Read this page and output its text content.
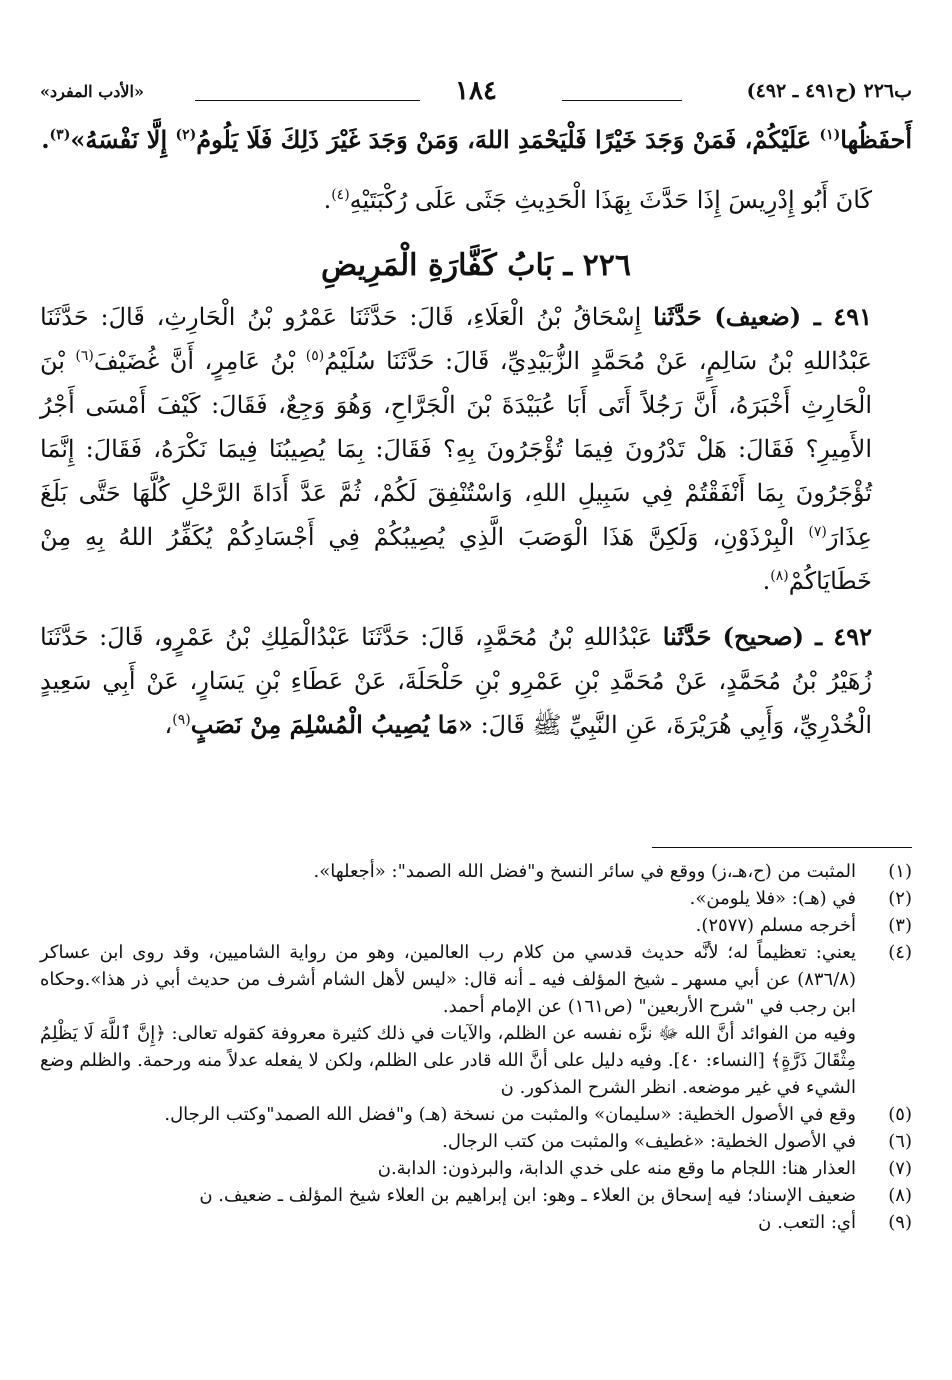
ب٢٢٦ (ح٤٩١ ـ ٤٩٢)
١٨٤
«الأدب المفرد»

أَحفَظُها$^{(١)}$ عَلَيْكُمْ، فَمَنْ وَجَدَ خَيْرًا فَلْيَحْمَدِ اللهَ، وَمَنْ وَجَدَ غَيْرَ ذَلِكَ فَلَا يَلُومُ$^{(٢)}$ إِلَّا نَفْسَهُ»$^{(٣)}$.

كَانَ أَبُو إِدْرِيسَ إِذَا حَدَّثَ بِهَذَا الْحَدِيثِ جَثَى عَلَى رُكْبَتَيْهِ$^{(٤)}$.

٢٢٦ ـ بَابُ كَفَّارَةِ الْمَرِيضِ

٤٩١ ـ (ضعيف) حَدَّثَنا إِسْحَاقُ بْنُ الْعَلَاءِ، قَالَ: حَدَّثَنَا عَمْرُو بْنُ الْحَارِثِ، قَالَ: حَدَّثَنَا عَبْدُاللهِ بْنُ سَالِمٍ، عَنْ مُحَمَّدٍ الزُّبَيْدِيِّ، قَالَ: حَدَّثَنَا سُلَيْمُ$^{(٥)}$ بْنُ عَامِرٍ، أَنَّ غُضَيْفَ$^{(٦)}$ بْنَ الْحَارِثِ أَخْبَرَهُ، أَنَّ رَجُلاً أَتَى أَبَا عُبَيْدَةَ بْنَ الْجَرَّاحِ، وَهُوَ وَجِعٌ، فَقَالَ: كَيْفَ أَمْسَى أَجْرُ الأَمِيرِ؟ فَقَالَ: هَلْ تَدْرُونَ فِيمَا تُؤْجَرُونَ بِهِ؟ فَقَالَ: بِمَا يُصِيبُنَا فِيمَا نَكْرَهُ، فَقَالَ: إِنَّمَا تُؤْجَرُونَ بِمَا أَنْفَقْتُمْ فِي سَبِيلِ اللهِ، وَاسْتُنْفِقَ لَكُمْ، ثُمَّ عَدَّ أَدَاةَ الرَّحْلِ كُلَّهَا حَتَّى بَلَغَ عِذَارَ$^{(٧)}$ الْبِرْذَوْنِ، وَلَكِنَّ هَذَا الْوَصَبَ الَّذِي يُصِيبُكُمْ فِي أَجْسَادِكُمْ يُكَفِّرُ اللهُ بِهِ مِنْ خَطَايَاكُمْ$^{(٨)}$.

٤٩٢ ـ (صحيح) حَدَّثَنا عَبْدُاللهِ بْنُ مُحَمَّدٍ، قَالَ: حَدَّثَنَا عَبْدُالْمَلِكِ بْنُ عَمْرٍو، قَالَ: حَدَّثَنَا زُهَيْرُ بْنُ مُحَمَّدٍ، عَنْ مُحَمَّدِ بْنِ عَمْرِو بْنِ حَلْحَلَةَ، عَنْ عَطَاءِ بْنِ يَسَارٍ، عَنْ أَبِي سَعِيدٍ الْخُدْرِيِّ، وَأَبِي هُرَيْرَةَ، عَنِ النَّبِيِّ ﷺ قَالَ: «مَا يُصِيبُ الْمُسْلِمَ مِنْ نَصَبٍ$^{(٩)}$،

(١)
المثبت من (ح،هـ،ز) ووقع في سائر النسخ و"فضل الله الصمد": «أجعلها».
(٢)
في (هـ): «فلا يلومن».
(٣)
أخرجه مسلم (٢٥٧٧).
(٤)
يعني: تعظيماً له؛ لأنَّه حديث قدسي من كلام رب العالمين، وهو من رواية الشاميين، وقد روى ابن عساكر (٨٣٦/٨) عن أبي مسهر ـ شيخ المؤلف فيه ـ أنه قال: «ليس لأهل الشام أشرف من حديث أبي ذر هذا».وحكاه ابن رجب في "شرح الأربعين" (ص١٦١) عن الإمام أحمد.
وفيه من الفوائد أنَّ الله ﷻ نزَّه نفسه عن الظلم، والآيات في ذلك كثيرة معروفة كقوله تعالى: ﴿إِنَّ ٱللَّهَ لَا يَظْلِمُ مِثْقَالَ ذَرَّةٍ﴾ [النساء: ٤٠]. وفيه دليل على أنَّ الله قادر على الظلم، ولكن لا يفعله عدلاً منه ورحمة. والظلم وضع الشيء في غير موضعه. انظر الشرح المذكور. ن
(٥)
وقع في الأصول الخطية: «سليمان» والمثبت من نسخة (هـ) و"فضل الله الصمد"وكتب الرجال.
(٦)
في الأصول الخطية: «غطيف» والمثبت من كتب الرجال.
(٧)
العذار هنا: اللجام ما وقع منه على خدي الدابة، والبرذون: الدابة.ن
(٨)
ضعيف الإسناد؛ فيه إسحاق بن العلاء ـ وهو: ابن إبراهيم بن العلاء شيخ المؤلف ـ ضعيف. ن
(٩)
أي: التعب. ن
